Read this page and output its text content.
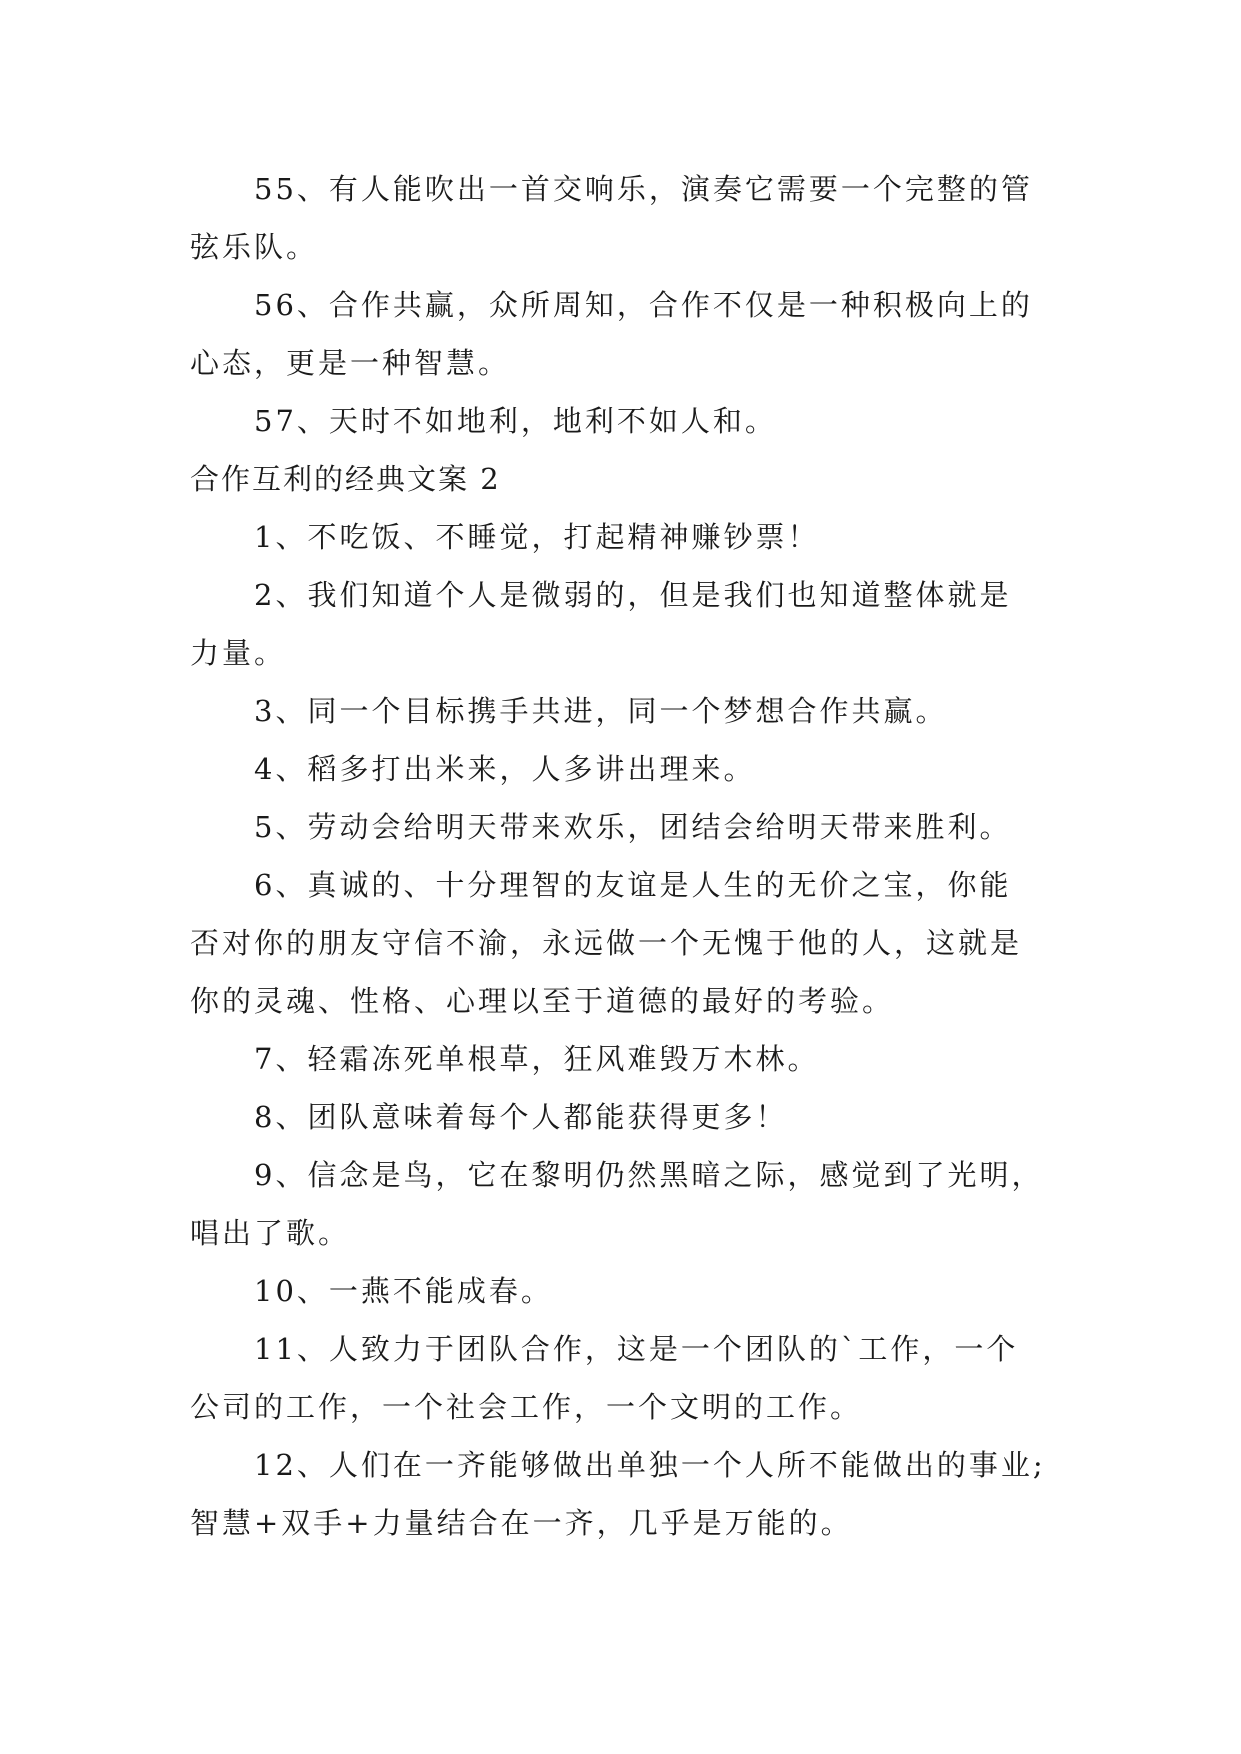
55、有人能吹出一首交响乐，演奏它需要一个完整的管
弦乐队。
56、合作共赢，众所周知，合作不仅是一种积极向上的
心态，更是一种智慧。
57、天时不如地利，地利不如人和。
合作互利的经典文案 2
1、不吃饭、不睡觉，打起精神赚钞票！
2、我们知道个人是微弱的，但是我们也知道整体就是
力量。
3、同一个目标携手共进，同一个梦想合作共赢。
4、稻多打出米来，人多讲出理来。
5、劳动会给明天带来欢乐，团结会给明天带来胜利。
6、真诚的、十分理智的友谊是人生的无价之宝，你能
否对你的朋友守信不渝，永远做一个无愧于他的人，这就是
你的灵魂、性格、心理以至于道德的最好的考验。
7、轻霜冻死单根草，狂风难毁万木林。
8、团队意味着每个人都能获得更多！
9、信念是鸟，它在黎明仍然黑暗之际，感觉到了光明，
唱出了歌。
10、一燕不能成春。
11、人致力于团队合作，这是一个团队的`工作，一个
公司的工作，一个社会工作，一个文明的工作。
12、人们在一齐能够做出单独一个人所不能做出的事业;
智慧+双手+力量结合在一齐，几乎是万能的。
